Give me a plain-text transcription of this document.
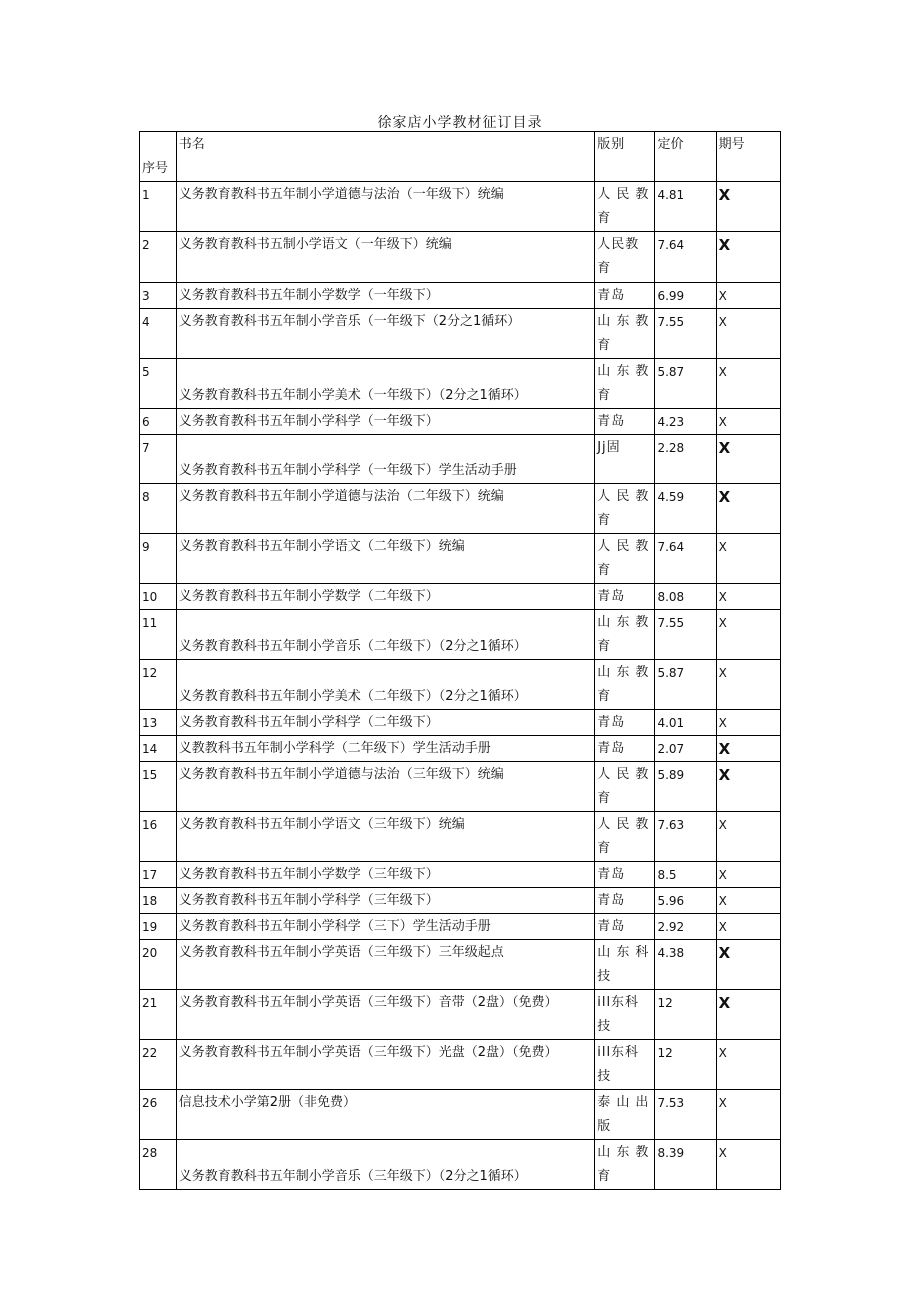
徐家店小学教材征订目录
序号	书名	版别	定价	期号
1	义务教育教科书五年制小学道德与法治（一年级下）统编	人民教育	4.81	X
2	义务教育教科书五制小学语文（一年级下）统编	人民教育	7.64	X
3	义务教育教科书五年制小学数学（一年级下）	青岛	6.99	X
4	义务教育教科书五年制小学音乐（一年级下（2分之1循环）	山东教育	7.55	X
5	义务教育教科书五年制小学美术（一年级下）（2分之1循环）	山东教育	5.87	X
6	义务教育教科书五年制小学科学（一年级下）	青岛	4.23	X
7	义务教育教科书五年制小学科学（一年级下）学生活动手册	Jj固	2.28	X
8	义务教育教科书五年制小学道德与法治（二年级下）统编	人民教育	4.59	X
9	义务教育教科书五年制小学语文（二年级下）统编	人民教育	7.64	X
10	义务教育教科书五年制小学数学（二年级下）	青岛	8.08	X
11	义务教育教科书五年制小学音乐（二年级下）（2分之1循环）	山东教育	7.55	X
12	义务教育教科书五年制小学美术（二年级下）（2分之1循环）	山东教育	5.87	X
13	义务教育教科书五年制小学科学（二年级下）	青岛	4.01	X
14	义教教科书五年制小学科学（二年级下）学生活动手册	青岛	2.07	X
15	义务教育教科书五年制小学道德与法治（三年级下）统编	人民教育	5.89	X
16	义务教育教科书五年制小学语文（三年级下）统编	人民教育	7.63	X
17	义务教育教科书五年制小学数学（三年级下）	青岛	8.5	X
18	义务教育教科书五年制小学科学（三年级下）	青岛	5.96	X
19	义务教育教科书五年制小学科学（三下）学生活动手册	青岛	2.92	X
20	义务教育教科书五年制小学英语（三年级下）三年级起点	山东科技	4.38	X
21	义务教育教科书五年制小学英语（三年级下）音带（2盘）（免费）	ill东科技	12	X
22	义务教育教科书五年制小学英语（三年级下）光盘（2盘）（免费）	ill东科技	12	X
26	信息技术小学第2册（非免费）	泰山出版	7.53	X
28	义务教育教科书五年制小学音乐（三年级下）（2分之1循环）	山东教育	8.39	X
